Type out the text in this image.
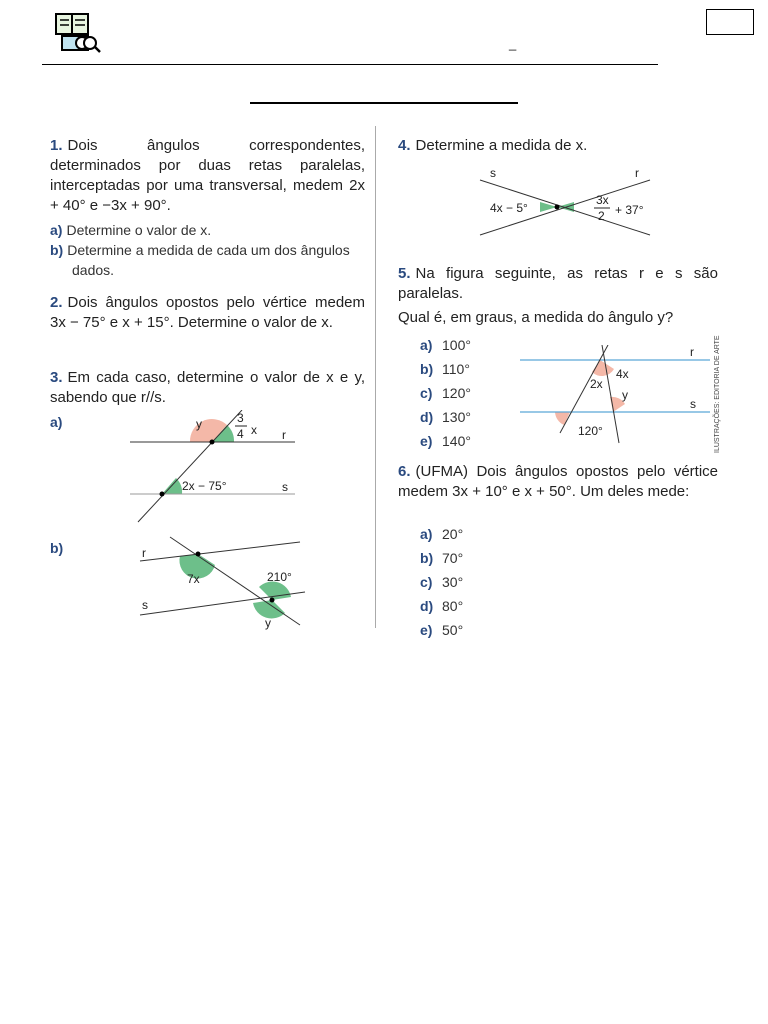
_

1. Dois ângulos correspondentes, determinados por duas retas paralelas, interceptadas por uma transversal, medem 2x + 40° e −3x + 90°.

a) Determine o valor de x.
b) Determine a medida de cada um dos ângulos dados.

2. Dois ângulos opostos pelo vértice medem 3x − 75° e x + 15°. Determine o valor de x.

3. Em cada caso, determine o valor de x e y, sabendo que r//s.

a)
b)
y	3
4 x r
s
2x − 75°
r
s
7x	210°
y

4. Determine a medida de x.

s	r
4x − 5°
3x
2 + 37°

5. Na figura seguinte, as retas r e s são paralelas.

Qual é, em graus, a medida do ângulo y?

a) 100°
b) 110°
c) 120°
d) 130°
e) 140°
r
s
4x
2x
y
120°	ILUSTRAÇÕES: EDITORIA DE ARTE

6. (UFMA) Dois ângulos opostos pelo vértice medem 3x + 10° e x + 50°. Um deles mede:

a) 20°
b) 70°
c) 30°
d) 80°
e) 50°
